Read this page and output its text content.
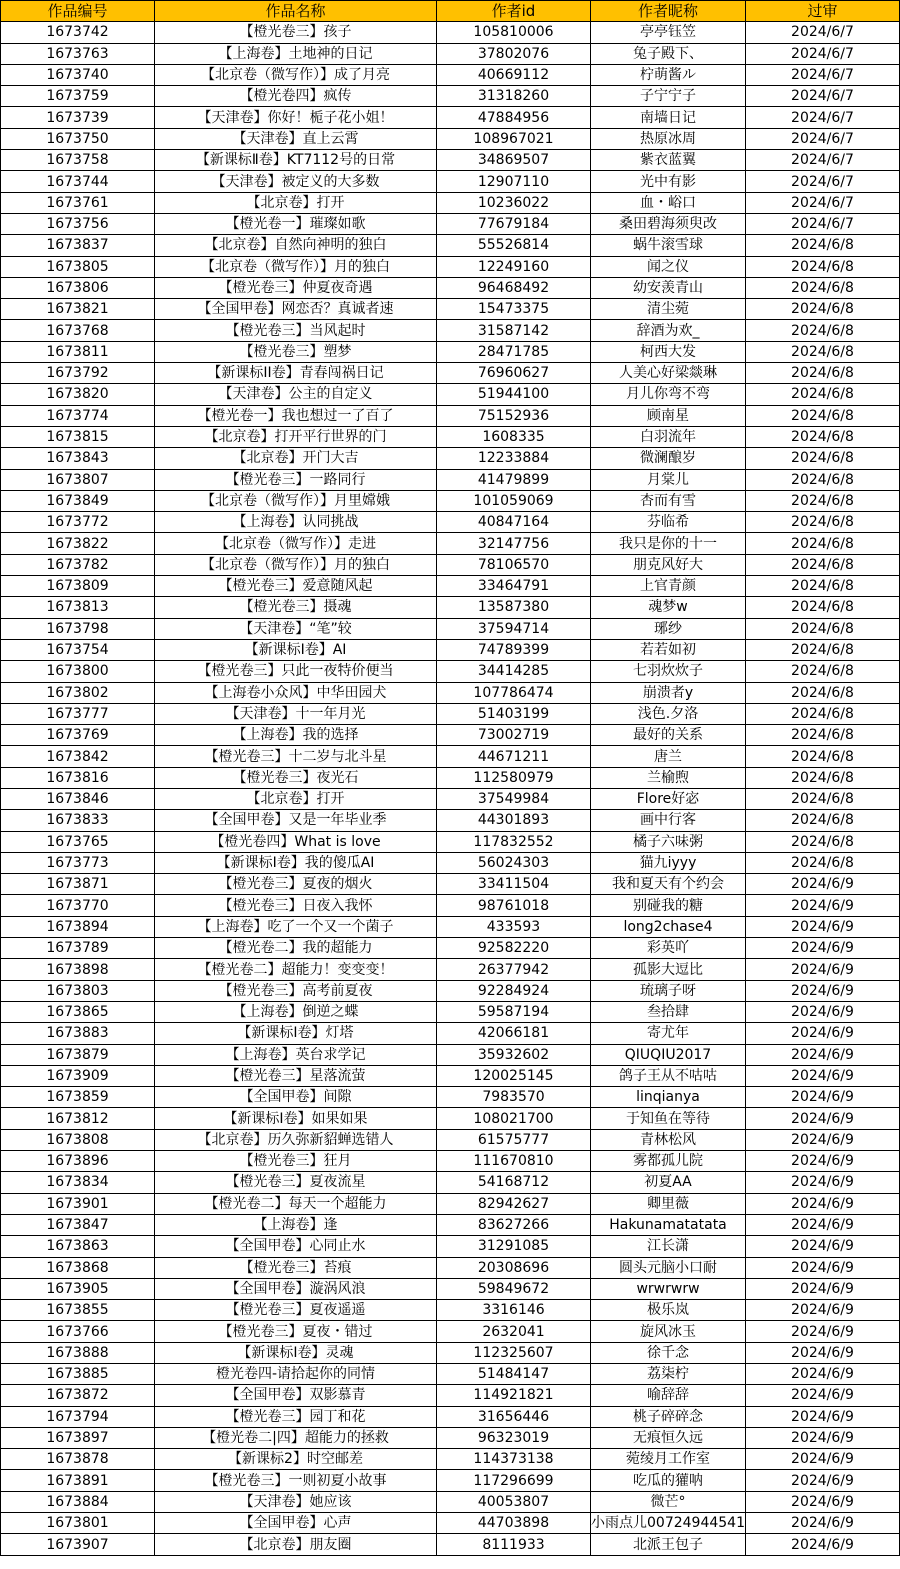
作品编号	作品名称	作者id	作者昵称	过审
1673742	【橙光卷三】孩子	105810006	亭亭钰笠	2024/6/7
1673763	【上海卷】土地神的日记	37802076	兔子殿下、	2024/6/7
1673740	【北京卷（微写作）】成了月亮	40669112	柠萌酱ル	2024/6/7
1673759	【橙光卷四】疯传	31318260	子宁宁子	2024/6/7
1673739	【天津卷】你好！栀子花小姐！	47884956	南墙日记	2024/6/7
1673750	【天津卷】直上云霄	108967021	热原冰周	2024/6/7
1673758	【新课标Ⅱ卷】KT7112号的日常	34869507	紫衣蓝翼	2024/6/7
1673744	【天津卷】被定义的大多数	12907110	光中有影	2024/6/7
1673761	【北京卷】打开	10236022	血・峪口	2024/6/7
1673756	【橙光卷一】璀璨如歌	77679184	桑田碧海须臾改	2024/6/7
1673837	【北京卷】自然向神明的独白	55526814	蜗牛滚雪球	2024/6/8
1673805	【北京卷（微写作）】月的独白	12249160	闻之仪	2024/6/8
1673806	【橙光卷三】仲夏夜奇遇	96468492	幼安羡青山	2024/6/8
1673821	【全国甲卷】网恋否？真诚者速	15473375	清尘菀	2024/6/8
1673768	【橙光卷三】当风起时	31587142	辞酒为欢_	2024/6/8
1673811	【橙光卷三】塑梦	28471785	柯西大发	2024/6/8
1673792	【新课标II卷】青春闯祸日记	76960627	人美心好梁燚琳	2024/6/8
1673820	【天津卷】公主的自定义	51944100	月儿你弯不弯	2024/6/8
1673774	【橙光卷一】我也想过一了百了	75152936	顾南星	2024/6/8
1673815	【北京卷】打开平行世界的门	1608335	白羽流年	2024/6/8
1673843	【北京卷】开门大吉	12233884	微澜酿岁	2024/6/8
1673807	【橙光卷三】一路同行	41479899	月棠儿	2024/6/8
1673849	【北京卷（微写作）】月里嫦娥	101059069	杏而有雪	2024/6/8
1673772	【上海卷】认同挑战	40847164	芬临希	2024/6/8
1673822	【北京卷（微写作）】走进	32147756	我只是你的十一	2024/6/8
1673782	【北京卷（微写作）】月的独白	78106570	朋克风好大	2024/6/8
1673809	【橙光卷三】爱意随风起	33464791	上官青颜	2024/6/8
1673813	【橙光卷三】摄魂	13587380	魂梦w	2024/6/8
1673798	【天津卷】“笔”较	37594714	琊纱	2024/6/8
1673754	【新课标I卷】AI	74789399	若若如初	2024/6/8
1673800	【橙光卷三】只此一夜特价便当	34414285	七羽炊炊子	2024/6/8
1673802	【上海卷小众风】中华田园犬	107786474	崩溃者y	2024/6/8
1673777	【天津卷】十一年月光	51403199	浅色.夕洛	2024/6/8
1673769	【上海卷】我的选择	73002719	最好的关系	2024/6/8
1673842	【橙光卷三】十二岁与北斗星	44671211	唐兰	2024/6/8
1673816	【橙光卷三】夜光石	112580979	兰榆煦	2024/6/8
1673846	【北京卷】打开	37549984	Flore好宓	2024/6/8
1673833	【全国甲卷】又是一年毕业季	44301893	画中行客	2024/6/8
1673765	【橙光卷四】What is love	117832552	橘子六味粥	2024/6/8
1673773	【新课标Ⅰ卷】我的傻瓜AI	56024303	猫九iyyy	2024/6/8
1673871	【橙光卷三】夏夜的烟火	33411504	我和夏天有个约会	2024/6/9
1673770	【橙光卷三】日夜入我怀	98761018	别碰我的糖	2024/6/9
1673894	【上海卷】吃了一个又一个菌子	433593	long2chase4	2024/6/9
1673789	【橙光卷二】我的超能力	92582220	彩英吖	2024/6/9
1673898	【橙光卷二】超能力！变变变！	26377942	孤影大逗比	2024/6/9
1673803	【橙光卷三】高考前夏夜	92284924	琉璃子呀	2024/6/9
1673865	【上海卷】倒逆之蝶	59587194	叁拾肆	2024/6/9
1673883	【新课标Ⅰ卷】灯塔	42066181	寄尤年	2024/6/9
1673879	【上海卷】英台求学记	35932602	QIUQIU2017	2024/6/9
1673909	【橙光卷三】星落流萤	120025145	鸽子王从不咕咕	2024/6/9
1673859	【全国甲卷】间隙	7983570	linqianya	2024/6/9
1673812	【新课标Ⅰ卷】如果如果	108021700	于知鱼在等待	2024/6/9
1673808	【北京卷】历久弥新貂蝉选错人	61575777	青林松风	2024/6/9
1673896	【橙光卷三】狂月	111670810	雾都孤儿院	2024/6/9
1673834	【橙光卷三】夏夜流星	54168712	初夏AA	2024/6/9
1673901	【橙光卷二】每天一个超能力	82942627	卿里薇	2024/6/9
1673847	【上海卷】逢	83627266	Hakunamatatata	2024/6/9
1673863	【全国甲卷】心同止水	31291085	江长潇	2024/6/9
1673868	【橙光卷三】苔痕	20308696	圆头元脑小口耐	2024/6/9
1673905	【全国甲卷】漩涡风浪	59849672	wrwrwrw	2024/6/9
1673855	【橙光卷三】夏夜遥遥	3316146	极乐岚	2024/6/9
1673766	【橙光卷三】夏夜・错过	2632041	旋风冰玉	2024/6/9
1673888	【新课标Ⅰ卷】灵魂	112325607	徐千念	2024/6/9
1673885	橙光卷四-请拾起你的同情	51484147	荔柒柠	2024/6/9
1673872	【全国甲卷】双影慕青	114921821	喻辞辞	2024/6/9
1673794	【橙光卷三】园丁和花	31656446	桃子碎碎念	2024/6/9
1673897	【橙光卷二|四】超能力的拯救	96323019	无痕恒久远	2024/6/9
1673878	【新课标2】时空邮差	114373138	菀绫月工作室	2024/6/9
1673891	【橙光卷三】一则初夏小故事	117296699	吃瓜的獾呐	2024/6/9
1673884	【天津卷】她应该	40053807	微芒°	2024/6/9
1673801	【全国甲卷】心声	44703898	小雨点儿00724944541	2024/6/9
1673907	【北京卷】朋友圈	8111933	北派王包子	2024/6/9
